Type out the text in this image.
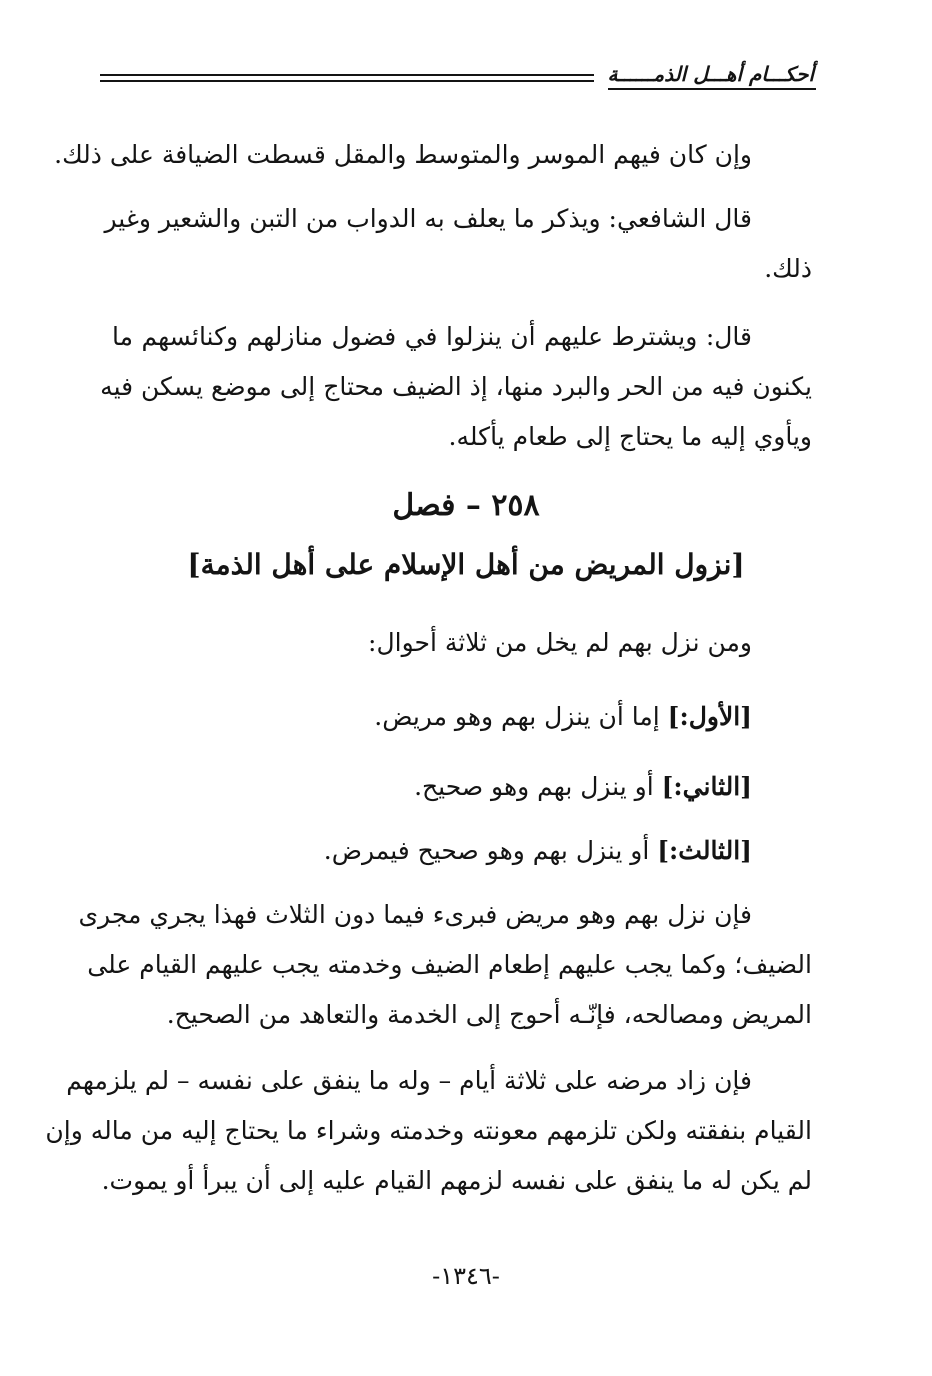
أحكـــام أهـــل الذمــــــة
وإن كان فيهم الموسر والمتوسط والمقل قسطت الضيافة على ذلك.
قال الشافعي: ويذكر ما يعلف به الدواب من التبن والشعير وغير
ذلك.
قال: ويشترط عليهم أن ينزلوا في فضول منازلهم وكنائسهم ما
يكنون فيه من الحر والبرد منها، إذ الضيف محتاج إلى موضع يسكن فيه
ويأوي إليه ما يحتاج إلى طعام يأكله.
٢٥٨ – فصل
[نزول المريض من أهل الإسلام على أهل الذمة]
ومن نزل بهم لم يخل من ثلاثة أحوال:
[الأول:] إما أن ينزل بهم وهو مريض.
[الثاني:] أو ينزل بهم وهو صحيح.
[الثالث:] أو ينزل بهم وهو صحيح فيمرض.
فإن نزل بهم وهو مريض فبرىء فيما دون الثلاث فهذا يجري مجرى
الضيف؛ وكما يجب عليهم إطعام الضيف وخدمته يجب عليهم القيام على
المريض ومصالحه، فإنّـه أحوج إلى الخدمة والتعاهد من الصحيح.
فإن زاد مرضه على ثلاثة أيام – وله ما ينفق على نفسه – لم يلزمهم
القيام بنفقته ولكن تلزمهم معونته وخدمته وشراء ما يحتاج إليه من ماله وإن
لم يكن له ما ينفق على نفسه لزمهم القيام عليه إلى أن يبرأ أو يموت.
-١٣٤٦-
